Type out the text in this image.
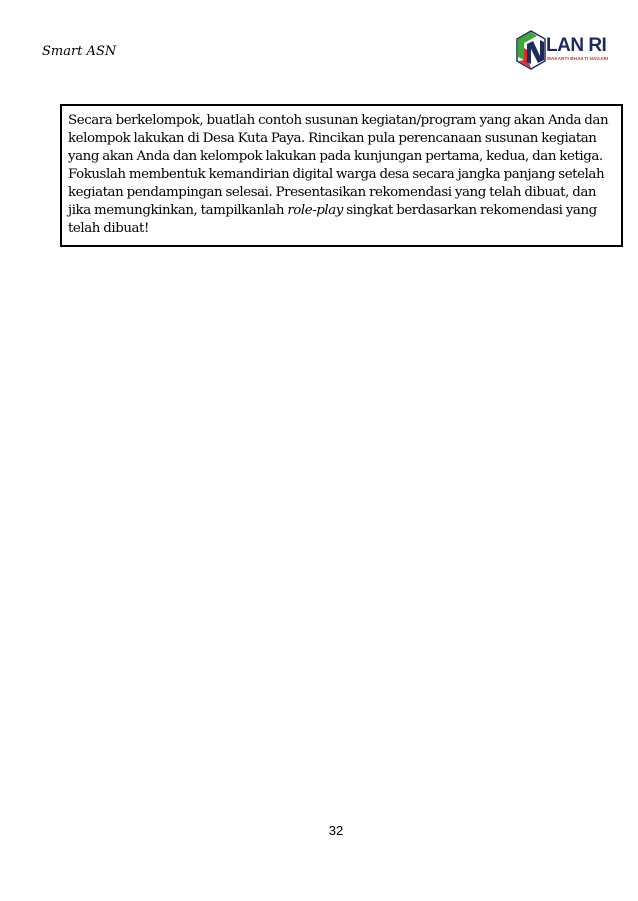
Smart ASN	LAN RI
MAKARTI BHAKTI NAGARI

Secara berkelompok, buatlah contoh susunan kegiatan/program yang akan Anda dan kelompok lakukan di Desa Kuta Paya. Rincikan pula perencanaan susunan kegiatan yang akan Anda dan kelompok lakukan pada kunjungan pertama, kedua, dan ketiga. Fokuslah membentuk kemandirian digital warga desa secara jangka panjang setelah kegiatan pendampingan selesai. Presentasikan rekomendasi yang telah dibuat, dan jika memungkinkan, tampilkanlah role-play singkat berdasarkan rekomendasi yang telah dibuat!

32
